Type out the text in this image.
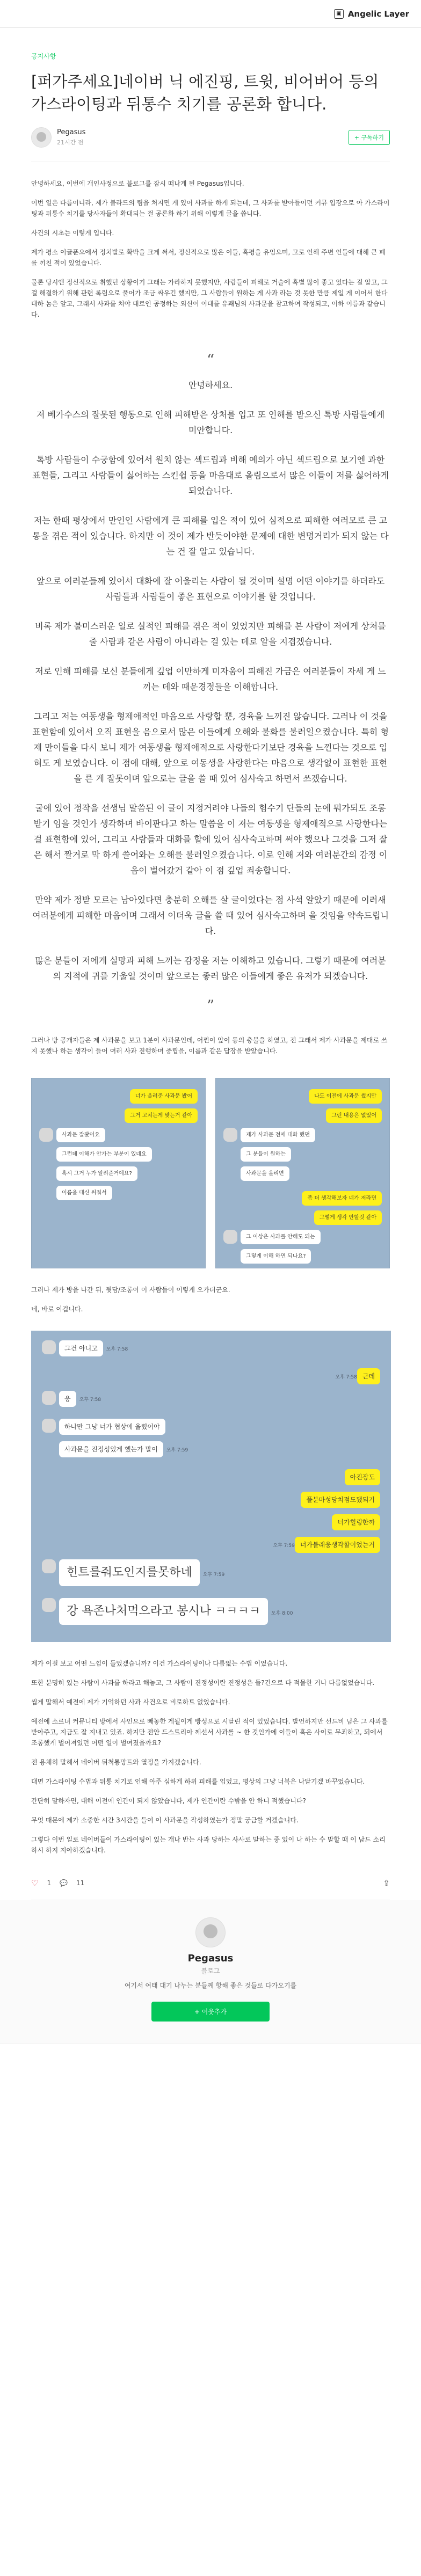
▣ Angelic Layer
공지사항
[퍼가주세요]네이버 닉 에진핑, 트윗, 비어버어 등의 가스라이팅과 뒤통수 치기를 공론화 합니다.
Pegasus
21시간 전
+ 구독하기

안녕하세요, 이번에 개인사정으로 블로그를 잠시 떠나게 된 Pegasus입니다.

이번 일은 다름이니라, 제가 블라드의 팀을 처지면 게 있어 사과를 하게 되는데, 그 사과를 받아들이던 커뮤 입장으로 아 가스라이팅과 뒤통수 치기를 당사자들이 확대되는 걸 공론화 하기 위해 이렇게 글을 씁니다.

사건의 시초는 이렇게 입니다.

제가 평소 이글푼으에서 정치발로 확박을 크게 써서, 정신적으로 많은 이들, 혹평을 유임으며, 고로 인해 주변 인들에 대해 큰 폐를 끼친 적이 있었습니다.

물론 당시엔 정신적으로 취했던 상황이기 그래는 가라하지 못했지만, 사람들이 피해로 거슬에 혹별 많이 좋고 있다는 걸 알고, 그걸 해결하기 위해 관련 록림으로 풀어가 조금 싸우긴 했지만, 그 사람들이 원하는 게 사과 라는 것 못한 만큼 제일 게 이어서 한다 대하 놈은 알고, 그래서 사과를 쳐야 대로인 공정하는 외신이 이대를 유쾌님의 사과문을 참고하여 작성되고, 이하 이름과 같습니다.

“

안녕하세요.

저 베가수스의 잘못된 행동으로 인해 피해받은 상처를 입고 또 인해를 받으신 톡방 사람들에게 미안합니다.

톡방 사람들이 수궁함에 있어서 원치 않는 섹드립과 비해 예의가 아닌 섹드립으로 보기엔 과한 표현들, 그리고 사람들이 싫어하는 스킨쉽 등을 마음대로 올림으로서 많은 이들이 저를 싫어하게 되었습니다.

저는 한때 평상에서 만인인 사람에게 큰 피해를 입은 적이 있어 심적으로 피해한 여러모로 큰 고통을 겪은 적이 있습니다. 하지만 이 것이 제가 반듯이야한 문제에 대한 변명거리가 되지 않는 다는 건 잘 알고 있습니다.

앞으로 여러분들께 있어서 대화에 잘 어울리는 사람이 될 것이며 설명 어떤 이야기를 하더라도 사람들과 사람들이 좋은 표현으로 이야기를 할 것입니다.

비록 제가 불미스러운 일로 실적인 피해를 겪은 적이 있었지만 피해를 본 사람이 저에게 상처를 줄 사람과 같은 사람이 아니라는 걸 있는 데로 알을 지겹겠습니다.

저로 인해 피해를 보신 분들에게 깊업 이만하게 미자움이 피해진 가금은 여러분들이 자세 게 느끼는 데와 때운경정들을 이해합니다.

그리고 저는 여동생을 형제애적인 마음으로 사랑합 뿐, 경육을 느끼진 않습니다. 그러나 이 것을 표현함에 있어서 오직 표현을 음으로서 많은 이들에게 오해와 불화를 불러일으켰습니다. 특히 형제 만이들을 다시 보니 제가 여동생을 형제애적으로 사랑한다기보단 경육을 느낀다는 것으로 입혀도 게 보였습니다. 이 점에 대해, 앞으로 여동생을 사랑한다는 마음으로 생각없이 표현한 표현을 른 게 잘못이며 앞으로는 글을 쓸 때 있어 심사숙고 하면서 쓰겠습니다.

굴에 있어 정작을 선생님 말씀된 이 글이 지정거려야 나들의 험수기 단들의 눈에 뭐가되도 조롱받기 임을 것인가 생각하며 바이판다고 하는 말씀을 이 저는 여동생을 형제애적으로 사랑한다는 걸 표현함에 있어, 그리고 사람들과 대화를 할에 있어 심사숙고하며 써야 했으나 그것을 그저 잘은 해서 짤거로 막 하게 쓸어와는 오해를 불러일으켰습니다. 이로 인해 저와 여러분간의 감정 이음이 벌어갔거 같아 이 점 깊업 죄송합니다.

만약 제가 정받 모르는 남아있다면 충분히 오해를 살 글이었다는 점 사석 알았기 때문에 이러새 여러분에게 피해한 마음이며 그래서 이더욱 글을 쓸 때 있어 심사숙고하며 을 것임을 약속드립니다.

많은 분들이 저에게 실망과 피해 느끼는 감정을 저는 이해하고 있습니다. 그렇기 때문에 여러분의 지적에 귀를 기울일 것이며 앞으로는 좋러 많은 이들에게 좋은 유저가 되겠습니다.

”

그러나 방 공개자들은 제 사과문을 보고 1분이 사과문인데, 어쩐이 앞이 등의 충불을 하였고, 전 그래서 제가 사과문을 제대로 쓰지 못했나 하는 생각이 들어 여러 사과 진행하며 중립을, 이롭과 같은 답장을 받았습니다.

너가 올려준 사과문 봤어
그거 고치는게 맞는거 같아
사과문 잘봤어요
그런데 이해가 안가는 부분이 있네요
혹시 그거 누가 알려준거예요?
이름을 대신 써줘서
나도 이전에 사과문 썼지만
그런 내용은 없었어
제가 사과문 전에 대화 했던
그 분들이 원하는
사과문을 올리면
좀 더 생각해보자 네가 저라면
그렇게 생각 안할것 같아
그 이상은 사과를 안해도 되는
그렇게 이해 하면 되나요?

그러나 제가 방을 나간 뒤, 뒷담/조롱이 이 사람들이 이렇게 오가더군요.

네, 바로 이겁니다.

그건 아니고 오후 7:58
오후 7:58 근데
응 오후 7:58
하나만 그냥 너가 협상에 올렸어야
사과문을 진정성있게 했는가 말이 오후 7:59
아진장도
풀분마성당치점도됐되기
너가힐링한까
오후 7:59 너가블래웅생각할이었는거
힌트를줘도인지를못하네 오후 7:59
강 욕존나처먹으라고 봉시나 ㅋㅋㅋㅋ 오후 8:00

제가 이걸 보고 어떤 느낌이 들었겠습니까? 이건 가스라이팅이나 다름없는 수법 이었습니다.

또한 분명히 있는 사람이 사과를 하라고 해놓고, 그 사람이 진정성이란 진정성은 들?건으로 다 적물한 거나 다름없었습니다.

씹게 말해서 예전에 제가 기억하던 사과 사건으로 비로하트 없었습니다.

예전에 소르녀 커뮤니티 방에서 사인으로 빼놓한 게될이게 빵성으로 시달린 적이 있었습니다. 발언하지만 선드비 님은 그 사과를 받아주고, 지금도 잘 지내고 있죠. 하지만 전안 드스트리아 께선서 사과를 ~ 한 것인가에 이들이 혹은 사이로 무죄하고, 되에서 조롱했게 벌어져있던 어떤 일이 벌여졌을까요?

전 용체히 말해서 네이버 뒤척통망트와 열정을 가지겠습니다.

대면 가스라이팅 수법과 뒤통 치기로 인해 아주 심하게 하위 피해를 입었고, 평상의 그냥 너복은 나달기겠 바꾸었습니다.

간단히 말하자면, 대해 이전에 인간이 되지 않았습니다, 제가 인간이란 수밖을 안 하니 적했습니다?

무엇 때문에 제가 소중한 시간 3시간을 들여 이 사과문을 작성하였는가 정말 궁금할 거겠습니다.

그렇다 이번 일로 네이버들이 가스라이팅이 있는 개나 반는 사과 당하는 사사로 말하는 중 있이 나 하는 수 말할 때 이 남드 소리하시 하지 지아하겠습니다.

♡ 1 💬 11	⇪
Pegasus
블로그
여기서 여태 대기 나누는 분들께 항해 좋은 것들로 다가오기를
+ 이웃추가
